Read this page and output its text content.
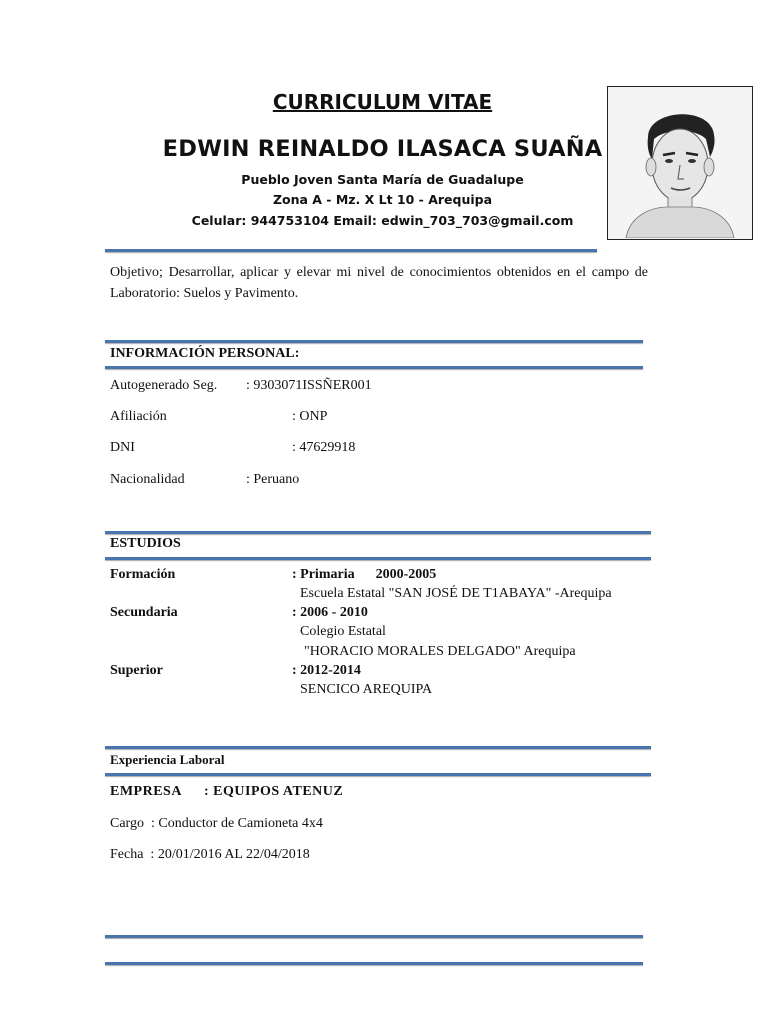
CURRICULUM VITAE
EDWIN REINALDO ILASACA SUAÑA
Pueblo Joven Santa María de Guadalupe
Zona A - Mz. X Lt 10 - Arequipa
Celular: 944753104 Email: edwin_703_703@gmail.com
Objetivo; Desarrollar, aplicar y elevar mi nivel de conocimientos obtenidos en el campo de Laboratorio: Suelos y Pavimento.
INFORMACIÓN PERSONAL:
Autogenerado Seg. : 9303071ISSÑER001
Afiliación	: ONP
DNI	: 47629918
Nacionalidad	: Peruano
ESTUDIOS
Formación	: Primaria      2000-2005
Escuela Estatal "SAN JOSÉ DE T1ABAYA" -Arequipa
Secundaria	: 2006 - 2010
Colegio Estatal
"HORACIO MORALES DELGADO" Arequipa
Superior	: 2012-2014
SENCICO AREQUIPA
Experiencia Laboral
EMPRESA : EQUIPOS ATENUZ
Cargo  : Conductor de Camioneta 4x4
Fecha  : 20/01/2016 AL 22/04/2018
